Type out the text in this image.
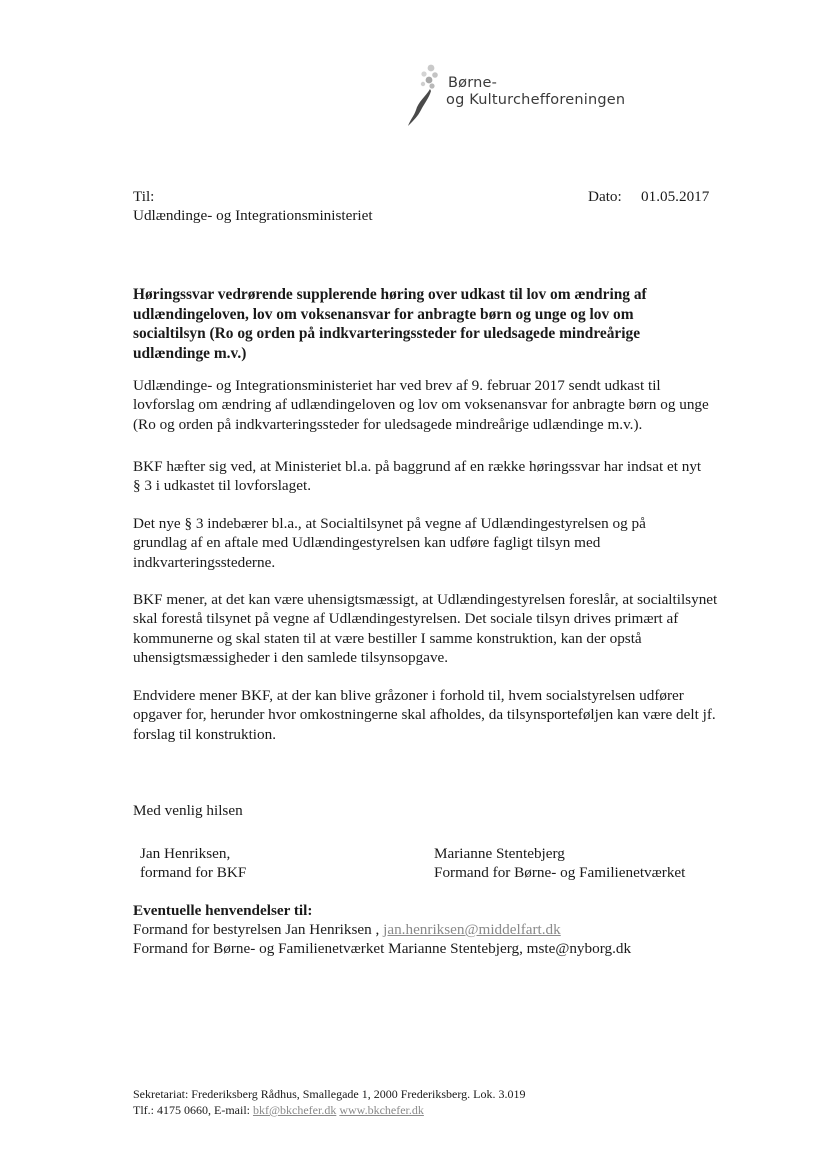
Børne-
og Kulturchefforeningen
Til:
Udlændinge- og Integrationsministeriet
Dato: 01.05.2017
Høringssvar vedrørende supplerende høring over udkast til lov om ændring af udlændingeloven, lov om voksenansvar for anbragte børn og unge og lov om socialtilsyn (Ro og orden på indkvarteringssteder for uledsagede mindreårige udlændinge m.v.)
Udlændinge- og Integrationsministeriet har ved brev af 9. februar 2017 sendt udkast til lovforslag om ændring af udlændingeloven og lov om voksenansvar for anbragte børn og unge (Ro og orden på indkvarteringssteder for uledsagede mindreårige udlændinge m.v.).
BKF hæfter sig ved, at Ministeriet bl.a. på baggrund af en række høringssvar har indsat et nyt § 3 i udkastet til lovforslaget.
Det nye § 3 indebærer bl.a., at Socialtilsynet på vegne af Udlændingestyrelsen og på grundlag af en aftale med Udlændingestyrelsen kan udføre fagligt tilsyn med indkvarteringsstederne.
BKF mener, at det kan være uhensigtsmæssigt, at Udlændingestyrelsen foreslår, at socialtilsynet skal forestå tilsynet på vegne af Udlændingestyrelsen. Det sociale tilsyn drives primært af kommunerne og skal staten til at være bestiller I samme konstruktion, kan der opstå uhensigtsmæssigheder i den samlede tilsynsopgave.
Endvidere mener BKF, at der kan blive gråzoner i forhold til, hvem socialstyrelsen udfører opgaver for, herunder hvor omkostningerne skal afholdes, da tilsynsporteføljen kan være delt jf. forslag til konstruktion.
Med venlig hilsen
Jan Henriksen,
formand for BKF
Marianne Stentebjerg
Formand for Børne- og Familienetværket
Eventuelle henvendelser til:
Formand for bestyrelsen Jan Henriksen , jan.henriksen@middelfart.dk
Formand for Børne- og Familienetværket Marianne Stentebjerg, mste@nyborg.dk
Sekretariat: Frederiksberg Rådhus, Smallegade 1, 2000 Frederiksberg. Lok. 3.019
Tlf.: 4175 0660, E-mail: bkf@bkchefer.dk www.bkchefer.dk
